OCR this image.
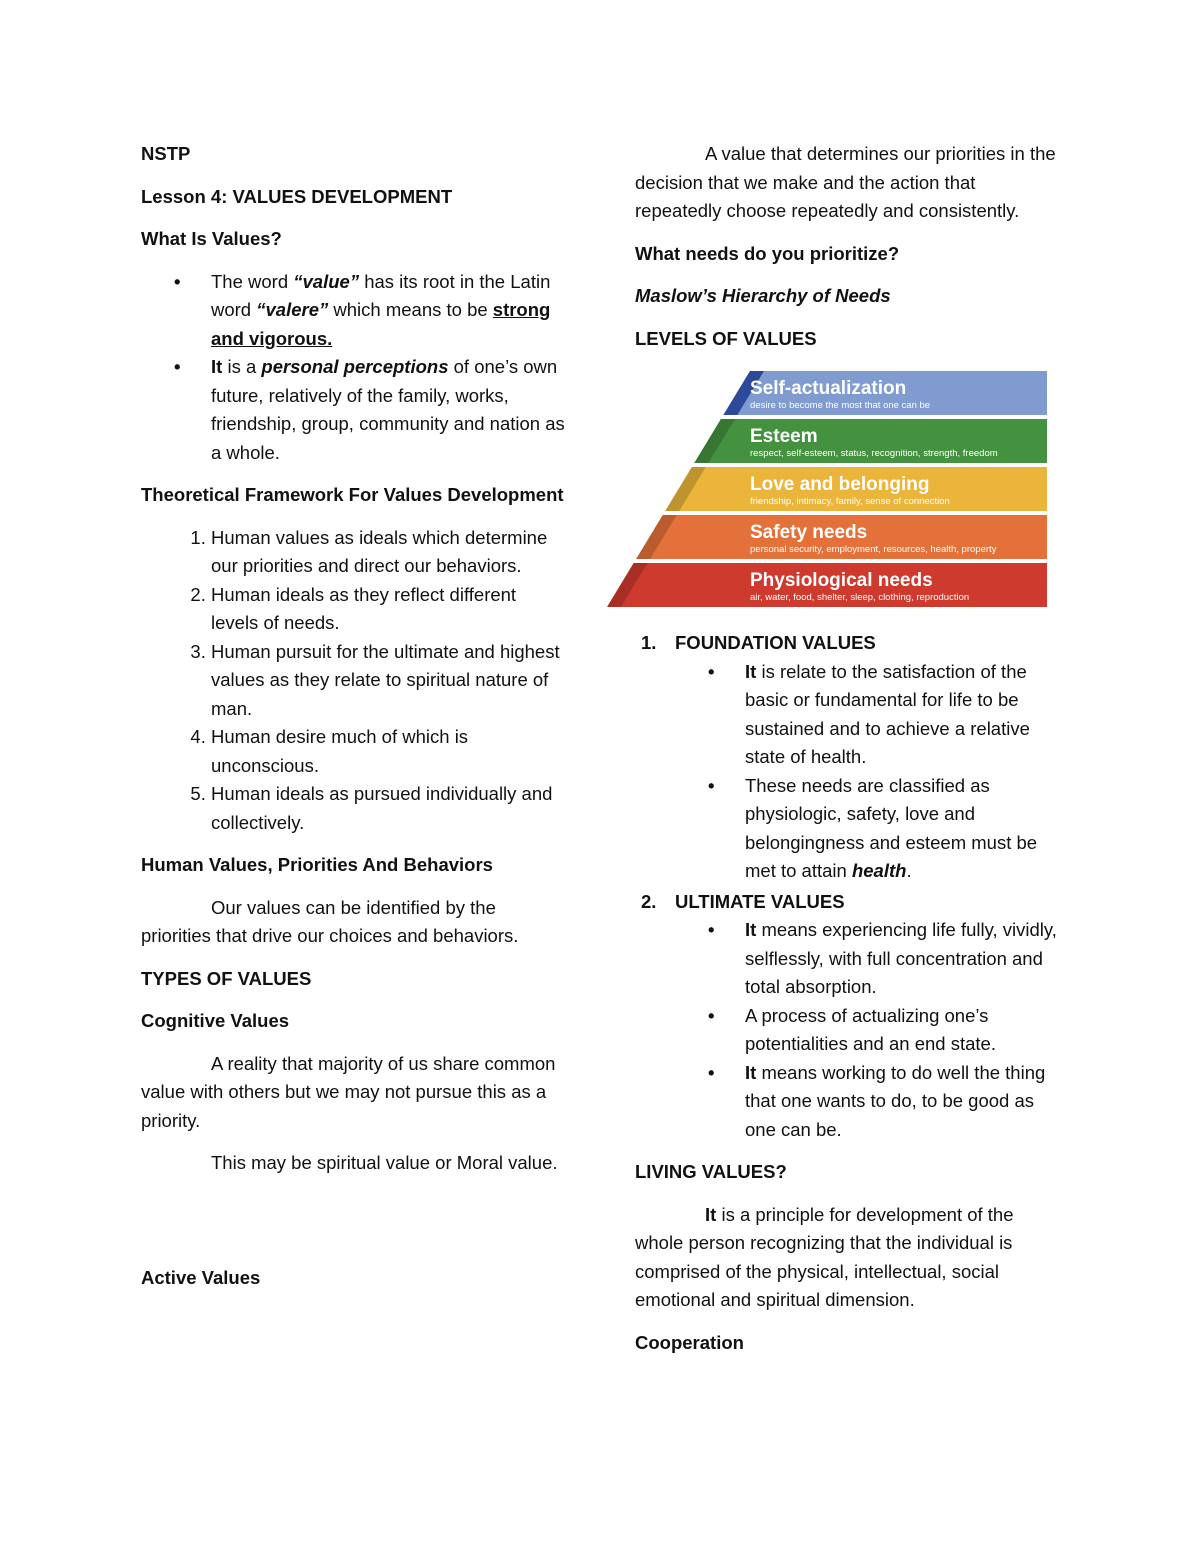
NSTP

Lesson 4: VALUES DEVELOPMENT

What Is Values?

• The word “value” has its root in the Latin word “valere” which means to be strong and vigorous.
• It is a personal perceptions of one’s own future, relatively of the family, works, friendship, group, community and nation as a whole.

Theoretical Framework For Values Development

1. Human values as ideals which determine our priorities and direct our behaviors.
2. Human ideals as they reflect different levels of needs.
3. Human pursuit for the ultimate and highest values as they relate to spiritual nature of man.
4. Human desire much of which is unconscious.
5. Human ideals as pursued individually and collectively.

Human Values, Priorities And Behaviors

Our values can be identified by the priorities that drive our choices and behaviors.

TYPES OF VALUES

Cognitive Values

A reality that majority of us share common value with others but we may not pursue this as a priority.

This may be spiritual value or Moral value.

Active Values

A value that determines our priorities in the decision that we make and the action that repeatedly choose repeatedly and consistently.

What needs do you prioritize?

Maslow’s Hierarchy of Needs

LEVELS OF VALUES

Self-actualization
desire to become the most that one can be
Esteem
respect, self-esteem, status, recognition, strength, freedom
Love and belonging
friendship, intimacy, family, sense of connection
Safety needs
personal security, employment, resources, health, property
Physiological needs
air, water, food, shelter, sleep, clothing, reproduction
1. FOUNDATION VALUES
• It is relate to the satisfaction of the basic or fundamental for life to be sustained and to achieve a relative state of health.
• These needs are classified as physiologic, safety, love and belongingness and esteem must be met to attain health.
2. ULTIMATE VALUES
• It means experiencing life fully, vividly, selflessly, with full concentration and total absorption.
• A process of actualizing one’s potentialities and an end state.
• It means working to do well the thing that one wants to do, to be good as one can be.

LIVING VALUES?

It is a principle for development of the whole person recognizing that the individual is comprised of the physical, intellectual, social emotional and spiritual dimension.

Cooperation
